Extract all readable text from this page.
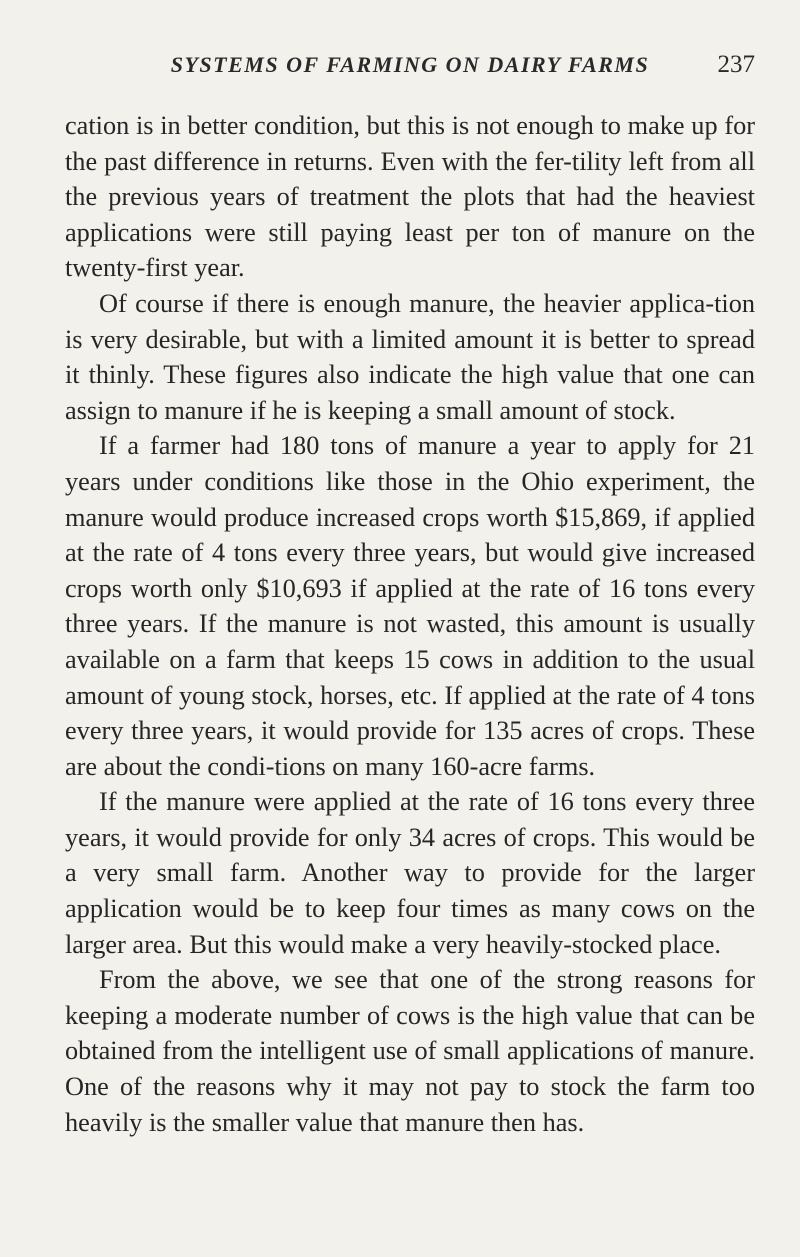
SYSTEMS OF FARMING ON DAIRY FARMS	237

cation is in better condition, but this is not enough to make up for the past difference in returns. Even with the fer-tility left from all the previous years of treatment the plots that had the heaviest applications were still paying least per ton of manure on the twenty-first year.

Of course if there is enough manure, the heavier applica-tion is very desirable, but with a limited amount it is better to spread it thinly. These figures also indicate the high value that one can assign to manure if he is keeping a small amount of stock.

If a farmer had 180 tons of manure a year to apply for 21 years under conditions like those in the Ohio experiment, the manure would produce increased crops worth $15,869, if applied at the rate of 4 tons every three years, but would give increased crops worth only $10,693 if applied at the rate of 16 tons every three years. If the manure is not wasted, this amount is usually available on a farm that keeps 15 cows in addition to the usual amount of young stock, horses, etc. If applied at the rate of 4 tons every three years, it would provide for 135 acres of crops. These are about the condi-tions on many 160-acre farms.

If the manure were applied at the rate of 16 tons every three years, it would provide for only 34 acres of crops. This would be a very small farm. Another way to provide for the larger application would be to keep four times as many cows on the larger area. But this would make a very heavily-stocked place.

From the above, we see that one of the strong reasons for keeping a moderate number of cows is the high value that can be obtained from the intelligent use of small applications of manure. One of the reasons why it may not pay to stock the farm too heavily is the smaller value that manure then has.
